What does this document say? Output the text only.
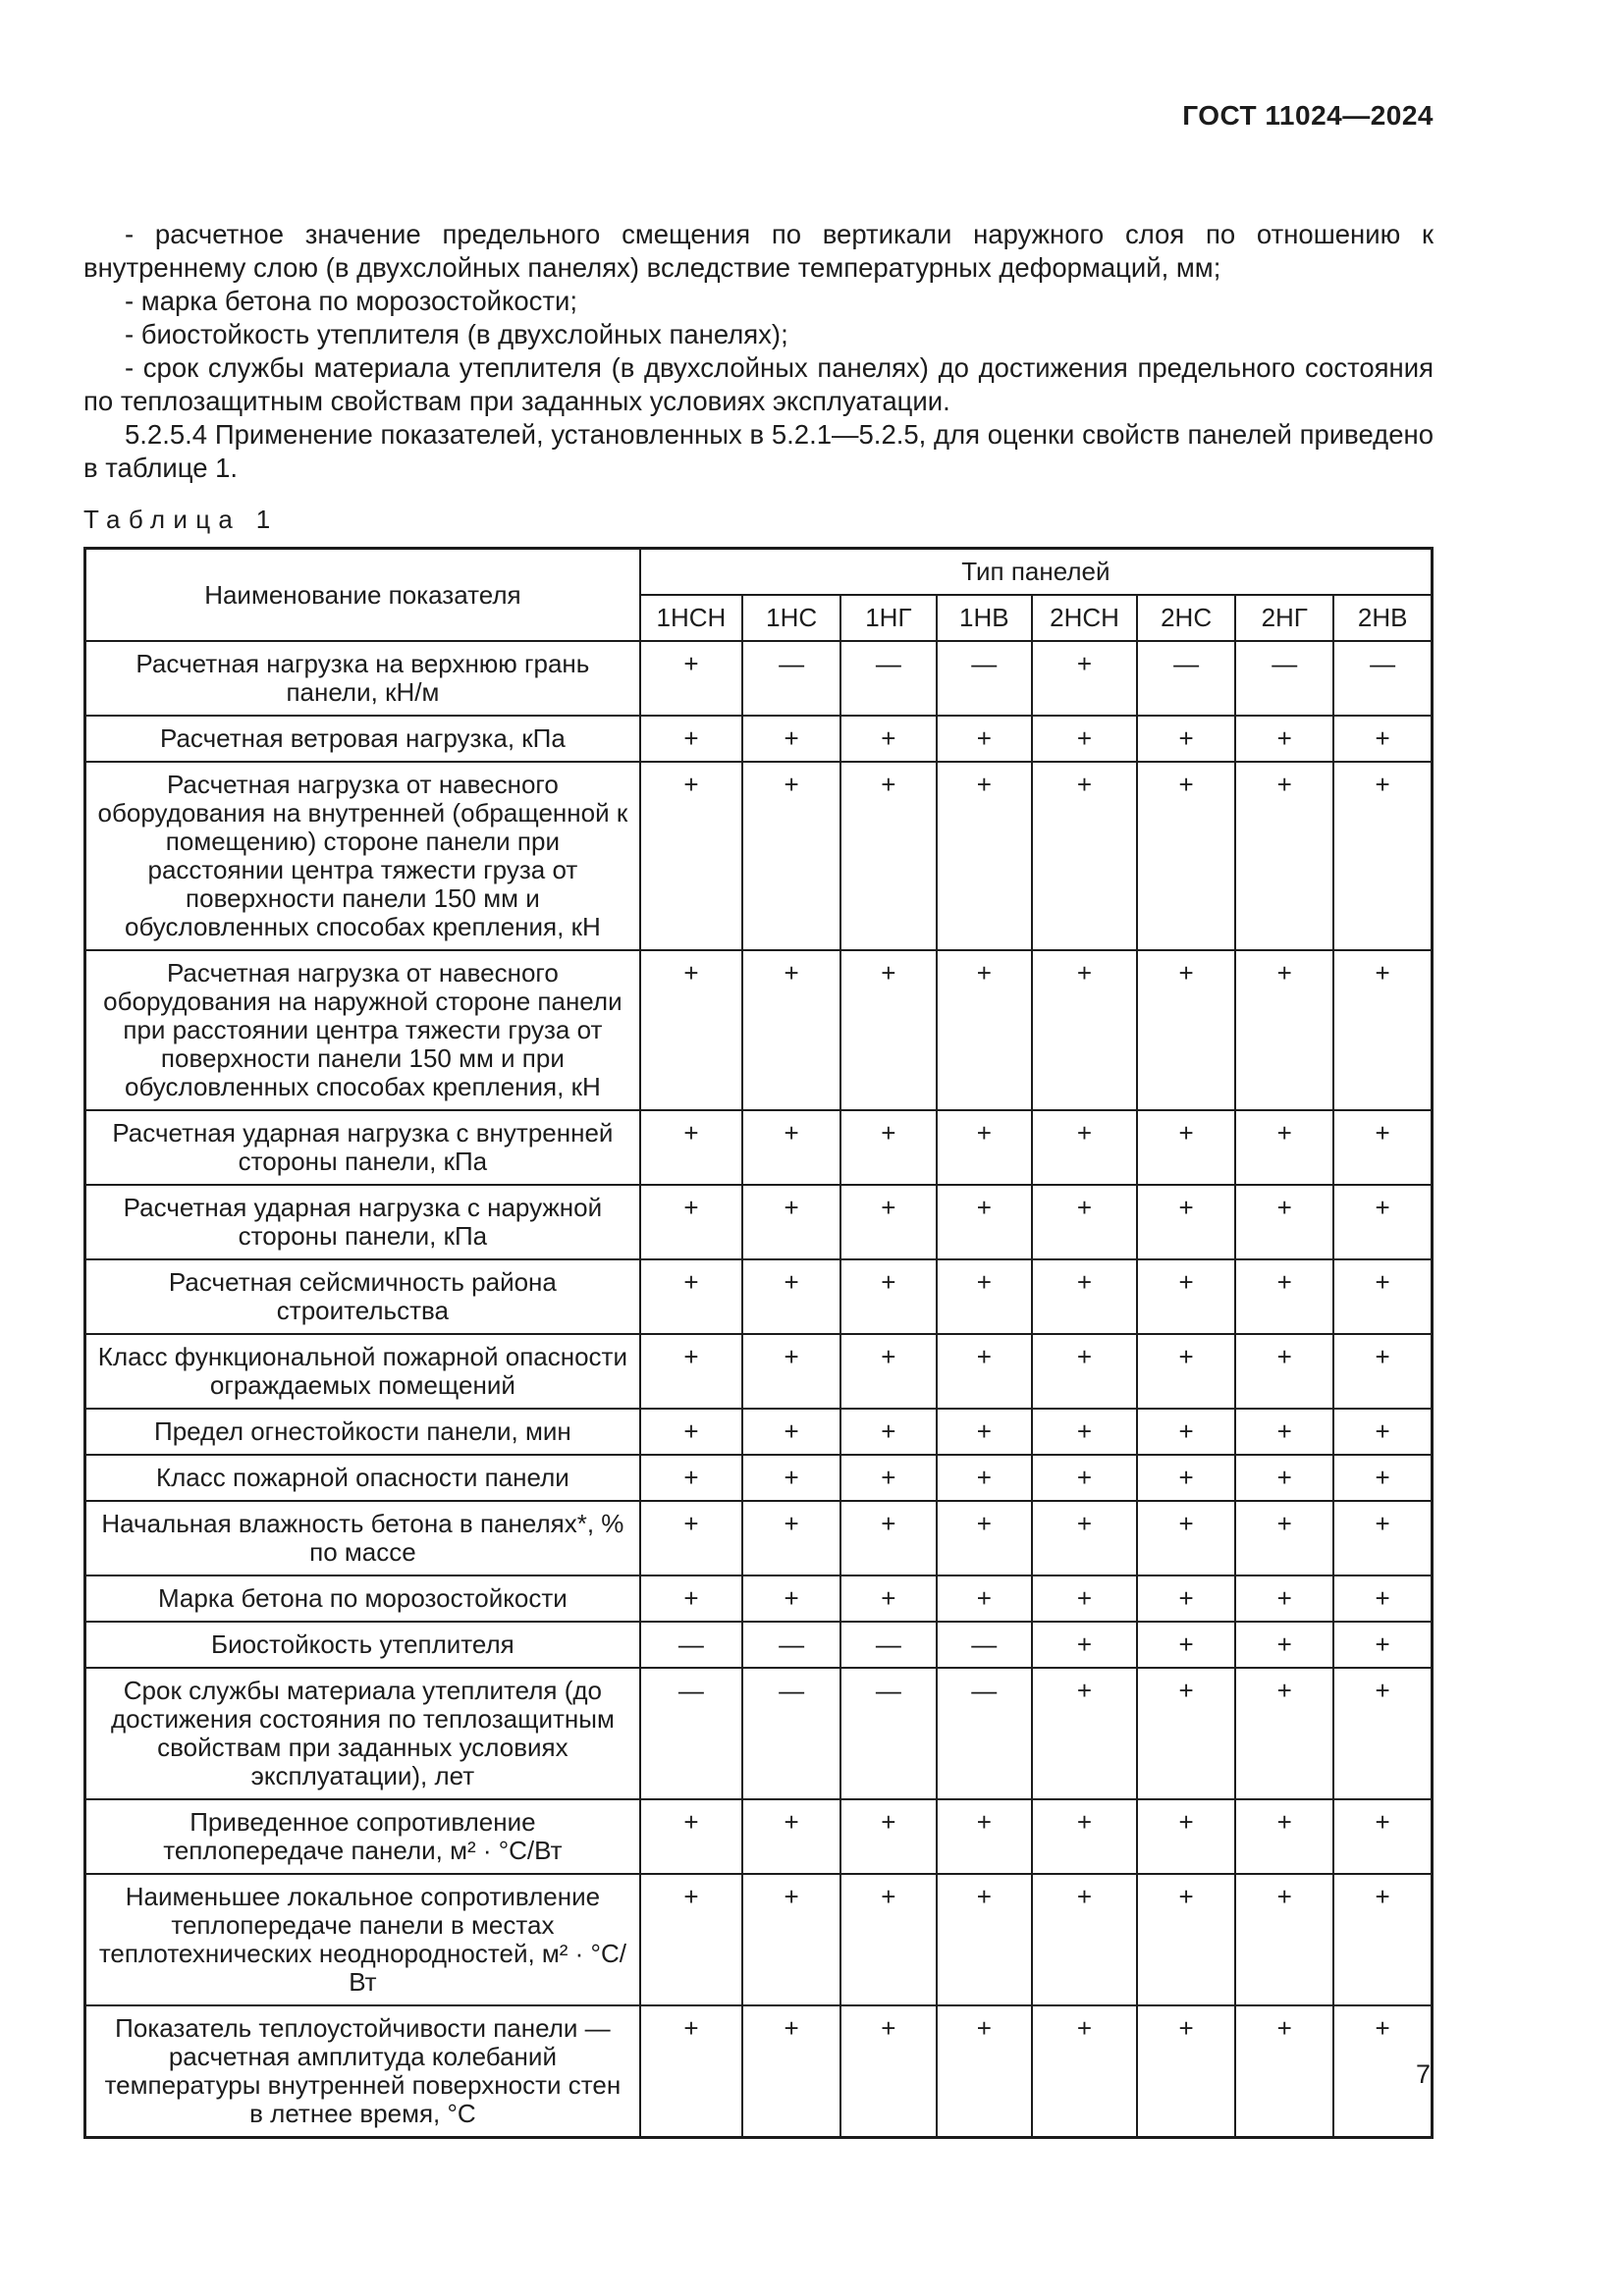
ГОСТ 11024—2024

- расчетное значение предельного смещения по вертикали наружного слоя по отношению к внутреннему слою (в двухслойных панелях) вследствие температурных деформаций, мм;

- марка бетона по морозостойкости;

- биостойкость утеплителя (в двухслойных панелях);

- срок службы материала утеплителя (в двухслойных панелях) до достижения предельного состояния по теплозащитным свойствам при заданных условиях эксплуатации.

5.2.5.4 Применение показателей, установленных в 5.2.1—5.2.5, для оценки свойств панелей приведено в таблице 1.

Таблица 1
Наименование показателя	Тип панелей							
	1НСН	1НС	1НГ	1НВ	2НСН	2НС	2НГ	2НВ
Расчетная нагрузка на верхнюю грань панели, кН/м	+	—	—	—	+	—	—	—
Расчетная ветровая нагрузка, кПа	+	+	+	+	+	+	+	+
Расчетная нагрузка от навесного оборудования на внутренней (обращенной к помещению) стороне панели при расстоянии центра тяжести груза от поверхности панели 150 мм и обусловленных способах крепления, кН	+	+	+	+	+	+	+	+
Расчетная нагрузка от навесного оборудования на наружной стороне панели при расстоянии центра тяжести груза от поверхности панели 150 мм и при обусловленных способах крепления, кН	+	+	+	+	+	+	+	+
Расчетная ударная нагрузка с внутренней стороны панели, кПа	+	+	+	+	+	+	+	+
Расчетная ударная нагрузка с наружной стороны панели, кПа	+	+	+	+	+	+	+	+
Расчетная сейсмичность района строительства	+	+	+	+	+	+	+	+
Класс функциональной пожарной опасности ограждаемых помещений	+	+	+	+	+	+	+	+
Предел огнестойкости панели, мин	+	+	+	+	+	+	+	+
Класс пожарной опасности панели	+	+	+	+	+	+	+	+
Начальная влажность бетона в панелях*, % по массе	+	+	+	+	+	+	+	+
Марка бетона по морозостойкости	+	+	+	+	+	+	+	+
Биостойкость утеплителя	—	—	—	—	+	+	+	+
Срок службы материала утеплителя (до достижения состояния по теплозащитным свойствам при заданных условиях эксплуатации), лет	—	—	—	—	+	+	+	+
Приведенное сопротивление теплопередаче панели, м² · °С/Вт	+	+	+	+	+	+	+	+
Наименьшее локальное сопротивление теплопередаче панели в местах теплотехнических неоднородностей, м² · °С/Вт	+	+	+	+	+	+	+	+
Показатель теплоустойчивости панели — расчетная амплитуда колебаний температуры внутренней поверхности стен в летнее время, °С	+	+	+	+	+	+	+	+
7
